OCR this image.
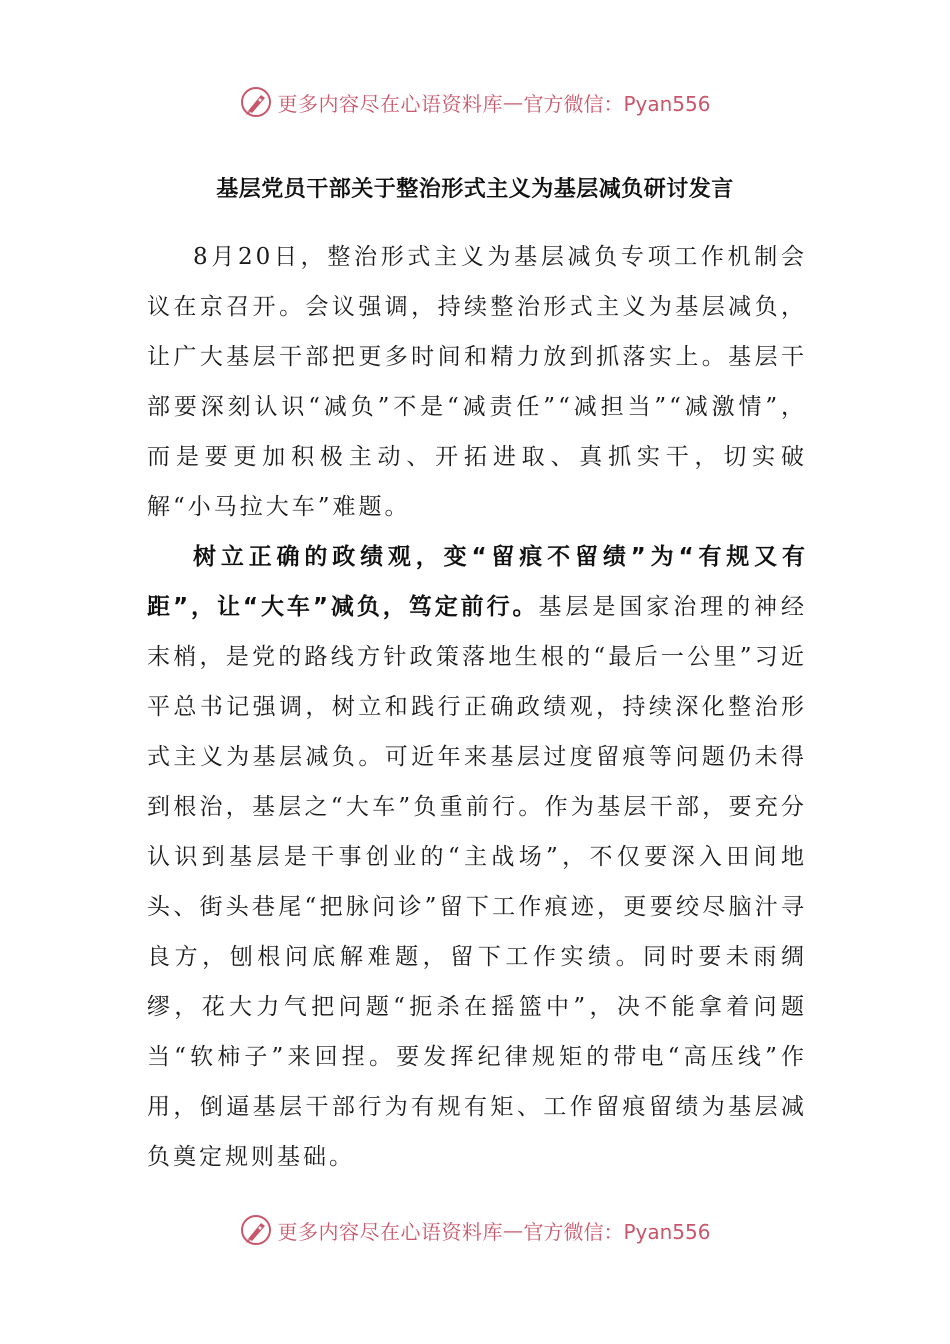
更多内容尽在心语资料库 — 官方微信：Pyan556
基层党员干部关于整治形式主义为基层减负研讨发言

8月20日，整治形式主义为基层减负专项工作机制会议在京召开。会议强调，持续整治形式主义为基层减负，让广大基层干部把更多时间和精力放到抓落实上。基层干部要深刻认识“减负”不是“减责任”“减担当”“减激情”，而是要更加积极主动、开拓进取、真抓实干，切实破解“小马拉大车”难题。

树立正确的政绩观，变“留痕不留绩”为“有规又有距”，让“大车”减负，笃定前行。基层是国家治理的神经末梢，是党的路线方针政策落地生根的“最后一公里”习近平总书记强调，树立和践行正确政绩观，持续深化整治形式主义为基层减负。可近年来基层过度留痕等问题仍未得到根治，基层之“大车”负重前行。作为基层干部，要充分认识到基层是干事创业的“主战场”，不仅要深入田间地头、街头巷尾“把脉问诊”留下工作痕迹，更要绞尽脑汁寻良方，刨根问底解难题，留下工作实绩。同时要未雨绸缪，花大力气把问题“扼杀在摇篮中”，决不能拿着问题当“软柿子”来回捏。要发挥纪律规矩的带电“高压线”作用，倒逼基层干部行为有规有矩、工作留痕留绩为基层减负奠定规则基础。

更多内容尽在心语资料库 — 官方微信：Pyan556
